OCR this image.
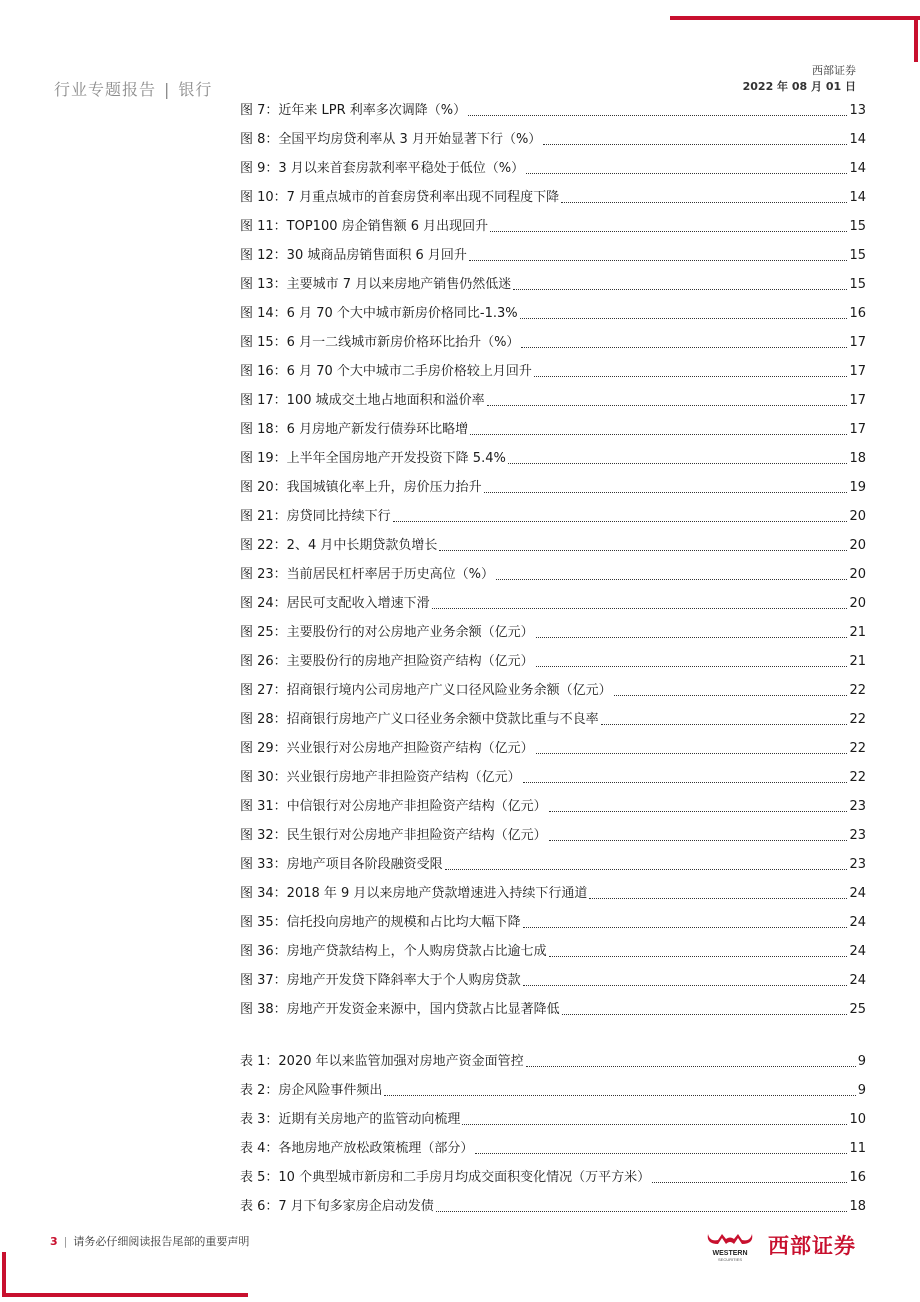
行业专题报告 | 银行
西部证券
2022 年 08 月 01 日
图 7：近年来 LPR 利率多次调降（%）	13
图 8：全国平均房贷利率从 3 月开始显著下行（%）	14
图 9：3 月以来首套房款利率平稳处于低位（%）	14
图 10：7 月重点城市的首套房贷利率出现不同程度下降	14
图 11：TOP100 房企销售额 6 月出现回升	15
图 12：30 城商品房销售面积 6 月回升	15
图 13：主要城市 7 月以来房地产销售仍然低迷	15
图 14：6 月 70 个大中城市新房价格同比-1.3%	16
图 15：6 月一二线城市新房价格环比抬升（%）	17
图 16：6 月 70 个大中城市二手房价格较上月回升	17
图 17：100 城成交土地占地面积和溢价率	17
图 18：6 月房地产新发行债券环比略增	17
图 19：上半年全国房地产开发投资下降 5.4%	18
图 20：我国城镇化率上升，房价压力抬升	19
图 21：房贷同比持续下行	20
图 22：2、4 月中长期贷款负增长	20
图 23：当前居民杠杆率居于历史高位（%）	20
图 24：居民可支配收入增速下滑	20
图 25：主要股份行的对公房地产业务余额（亿元）	21
图 26：主要股份行的房地产担险资产结构（亿元）	21
图 27：招商银行境内公司房地产广义口径风险业务余额（亿元）	22
图 28：招商银行房地产广义口径业务余额中贷款比重与不良率	22
图 29：兴业银行对公房地产担险资产结构（亿元）	22
图 30：兴业银行房地产非担险资产结构（亿元）	22
图 31：中信银行对公房地产非担险资产结构（亿元）	23
图 32：民生银行对公房地产非担险资产结构（亿元）	23
图 33：房地产项目各阶段融资受限	23
图 34：2018 年 9 月以来房地产贷款增速进入持续下行通道	24
图 35：信托投向房地产的规模和占比均大幅下降	24
图 36：房地产贷款结构上，个人购房贷款占比逾七成	24
图 37：房地产开发贷下降斜率大于个人购房贷款	24
图 38：房地产开发资金来源中，国内贷款占比显著降低	25
表 1：2020 年以来监管加强对房地产资金面管控	9
表 2：房企风险事件频出	9
表 3：近期有关房地产的监管动向梳理	10
表 4：各地房地产放松政策梳理（部分）	11
表 5：10 个典型城市新房和二手房月均成交面积变化情况（万平方米）	16
表 6：7 月下旬多家房企启动发债	18
3 | 请务必仔细阅读报告尾部的重要声明
WESTERN
SECURITIES
西部证券
